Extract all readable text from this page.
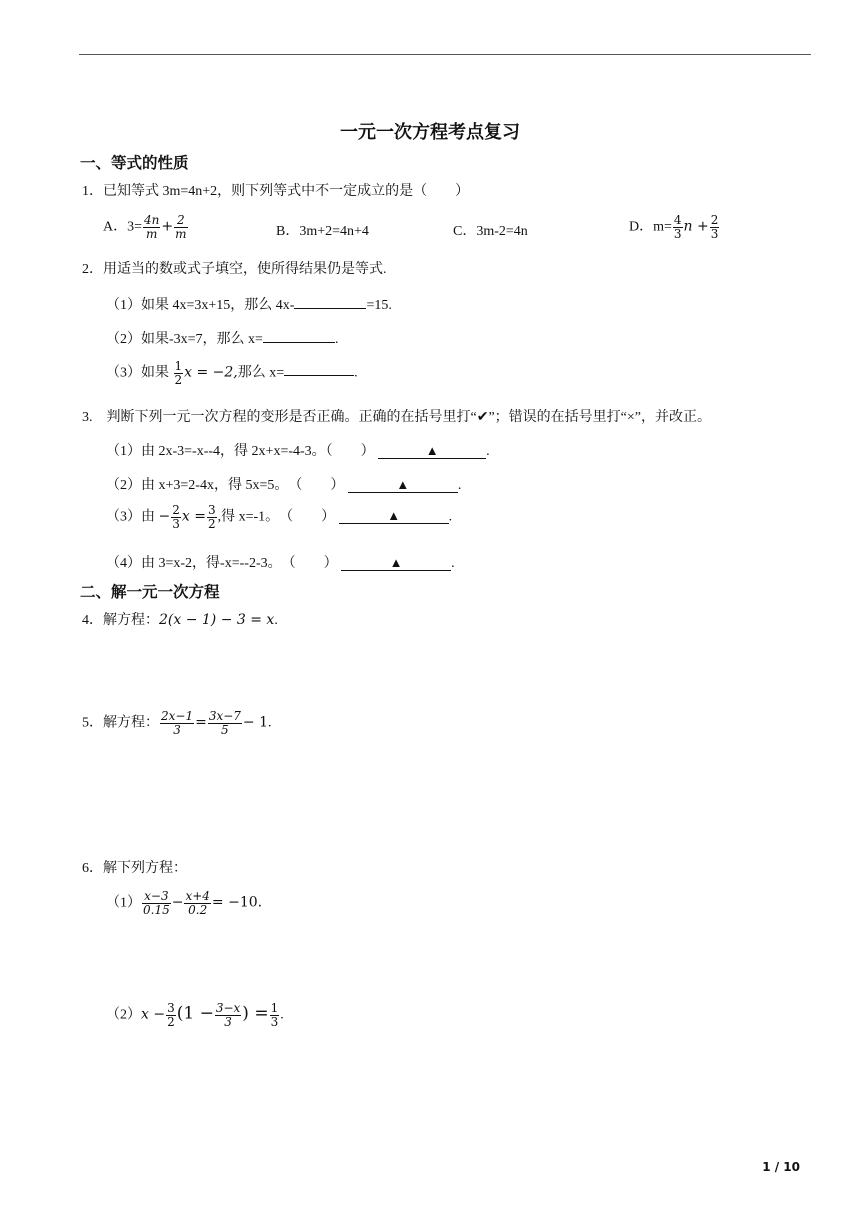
一元一次方程考点复习
一、等式的性质
1．已知等式 3m=4n+2，则下列等式中不一定成立的是（　　）
A．$3= \frac{4n}{m} + \frac{2}{m}$	B．3m+2=4n+4	C．3m-2=4n	D．$m= \frac{4}{3}$ $n + \frac{2}{3}$
2．用适当的数或式子填空，使所得结果仍是等式.
（1）如果 4x=3x+15，那么 4x-	=15.
（2）如果-3x=7，那么 x=	.
（3）如果 $\frac{1}{2}$ x = −2,那么 x=	.
3.　判断下列一元一次方程的变形是否正确。正确的在括号里打“✔”；错误的在括号里打“×”，并改正。
（1）由 2x-3=-x--4，得 2x+x=-4-3。（　　）	▲	.
（2）由 x+3=2-4x，得 5x=5。　（　　）	▲	.
（3）由 − $\frac{2}{3}$ $x = \frac{3}{2}$ ,得 x=-1。　（　　）	▲	.
（4）由 3=x-2，得-x=--2-3。　（　　）	▲	.
二、解一元一次方程
4．解方程：2(x − 1) − 3 = x.
5．解方程： $\frac{2x-1}{3} = \frac{3x-7}{5} - 1$.
6．解下列方程：
$(1) \frac{x-3}{0.15} - \frac{x+4}{0.2} = -10$.
$(2)x - \frac{3}{2} (1 - \frac{3-x}{3}$ ) = $\frac{1}{3}$ .
1 / 10
